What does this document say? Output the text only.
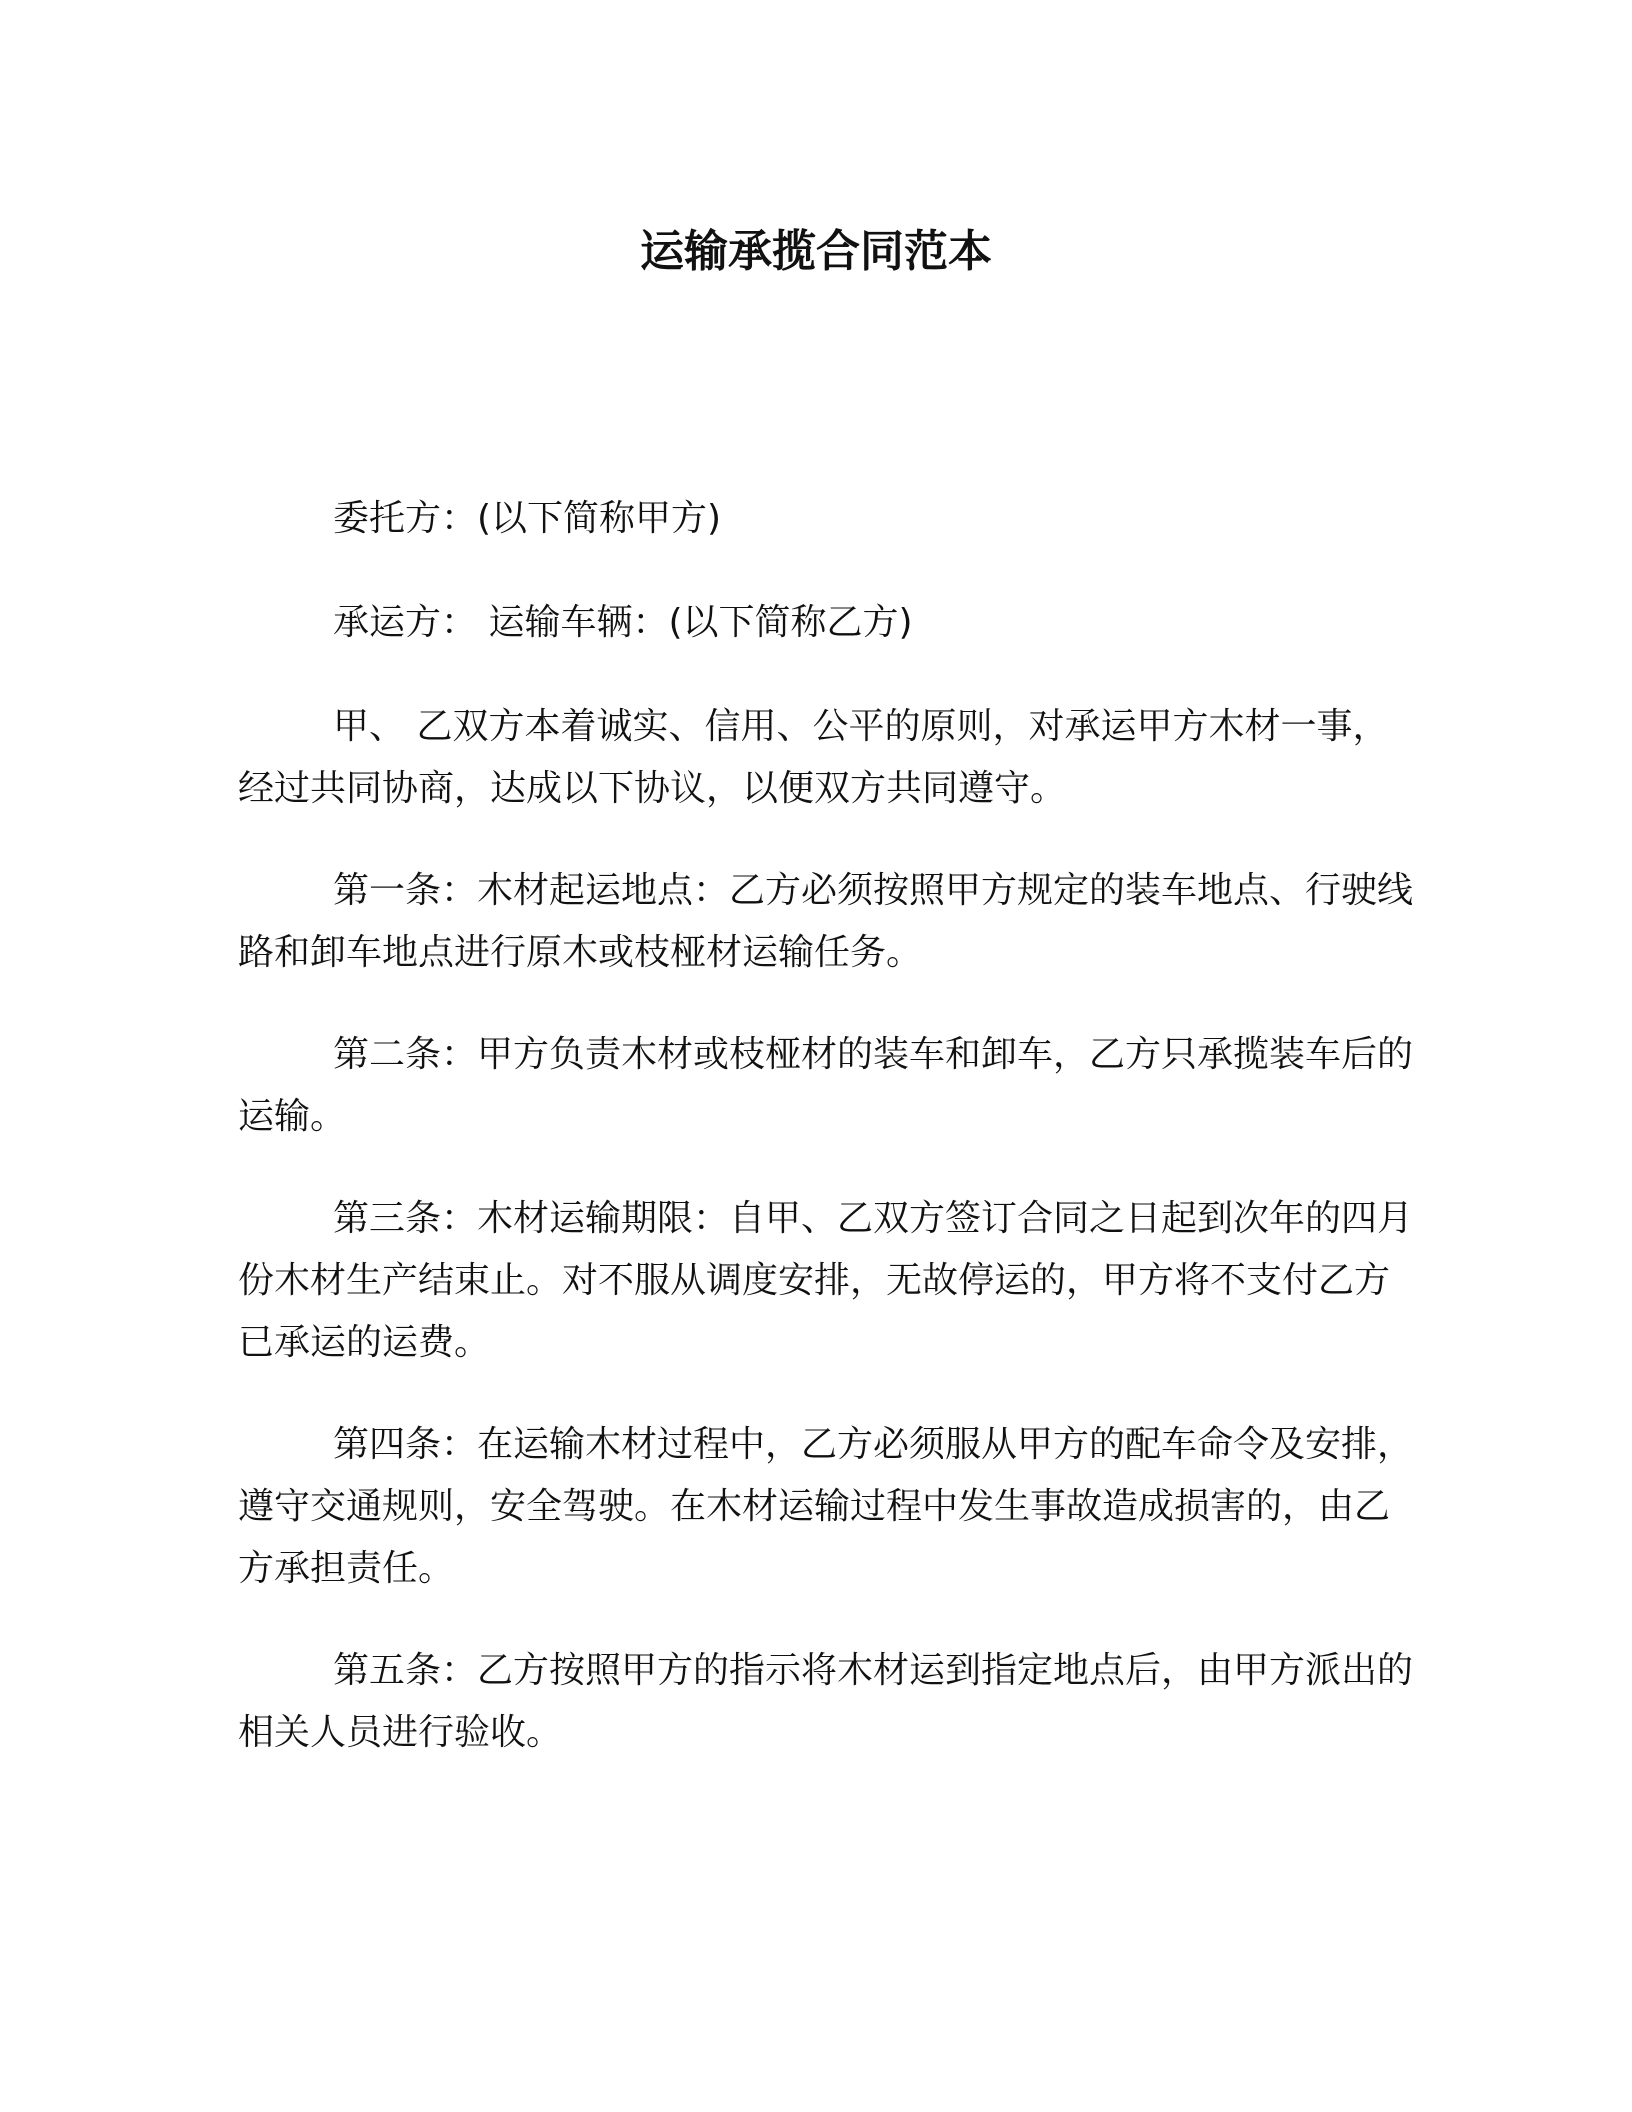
运输承揽合同范本

委托方：(以下简称甲方)

承运方： 运输车辆：(以下简称乙方)

甲、 乙双方本着诚实、信用、公平的原则，对承运甲方木材一事，经过共同协商，达成以下协议，以便双方共同遵守。

第一条：木材起运地点：乙方必须按照甲方规定的装车地点、行驶线路和卸车地点进行原木或枝桠材运输任务。

第二条：甲方负责木材或枝桠材的装车和卸车，乙方只承揽装车后的运输。

第三条：木材运输期限：自甲、乙双方签订合同之日起到次年的四月份木材生产结束止。对不服从调度安排，无故停运的，甲方将不支付乙方已承运的运费。

第四条：在运输木材过程中，乙方必须服从甲方的配车命令及安排，遵守交通规则，安全驾驶。在木材运输过程中发生事故造成损害的，由乙方承担责任。

第五条：乙方按照甲方的指示将木材运到指定地点后，由甲方派出的相关人员进行验收。
